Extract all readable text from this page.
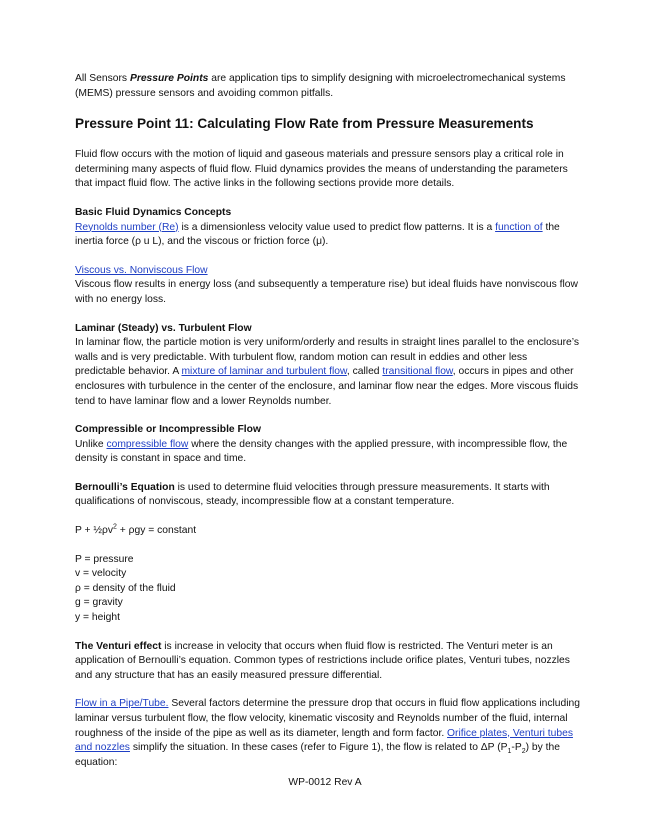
All Sensors Pressure Points are application tips to simplify designing with microelectromechanical systems (MEMS) pressure sensors and avoiding common pitfalls.

Pressure Point 11: Calculating Flow Rate from Pressure Measurements

Fluid flow occurs with the motion of liquid and gaseous materials and pressure sensors play a critical role in determining many aspects of fluid flow. Fluid dynamics provides the means of understanding the parameters that impact fluid flow. The active links in the following sections provide more details.

Basic Fluid Dynamics Concepts

Reynolds number (Re) is a dimensionless velocity value used to predict flow patterns. It is a function of the inertia force (ρ u L), and the viscous or friction force (μ).

Viscous vs. Nonviscous Flow

Viscous flow results in energy loss (and subsequently a temperature rise) but ideal fluids have nonviscous flow with no energy loss.

Laminar (Steady) vs. Turbulent Flow

In laminar flow, the particle motion is very uniform/orderly and results in straight lines parallel to the enclosure’s walls and is very predictable. With turbulent flow, random motion can result in eddies and other less predictable behavior. A mixture of laminar and turbulent flow, called transitional flow, occurs in pipes and other enclosures with turbulence in the center of the enclosure, and laminar flow near the edges. More viscous fluids tend to have laminar flow and a lower Reynolds number.

Compressible or Incompressible Flow

Unlike compressible flow where the density changes with the applied pressure, with incompressible flow, the density is constant in space and time.

Bernoulli’s Equation is used to determine fluid velocities through pressure measurements. It starts with qualifications of nonviscous, steady, incompressible flow at a constant temperature.

$P + \frac{1}{2}\rho v^2 + \rho gy$ = constant

P = pressure

v = velocity

ρ = density of the fluid

g = gravity

y = height

The Venturi effect is increase in velocity that occurs when fluid flow is restricted. The Venturi meter is an application of Bernoulli’s equation. Common types of restrictions include orifice plates, Venturi tubes, nozzles and any structure that has an easily measured pressure differential.

Flow in a Pipe/Tube. Several factors determine the pressure drop that occurs in fluid flow applications including laminar versus turbulent flow, the flow velocity, kinematic viscosity and Reynolds number of the fluid, internal roughness of the inside of the pipe as well as its diameter, length and form factor. Orifice plates, Venturi tubes and nozzles simplify the situation. In these cases (refer to Figure 1), the flow is related to ΔP $(P_1-P_2)$ by the equation:

WP-0012 Rev A
